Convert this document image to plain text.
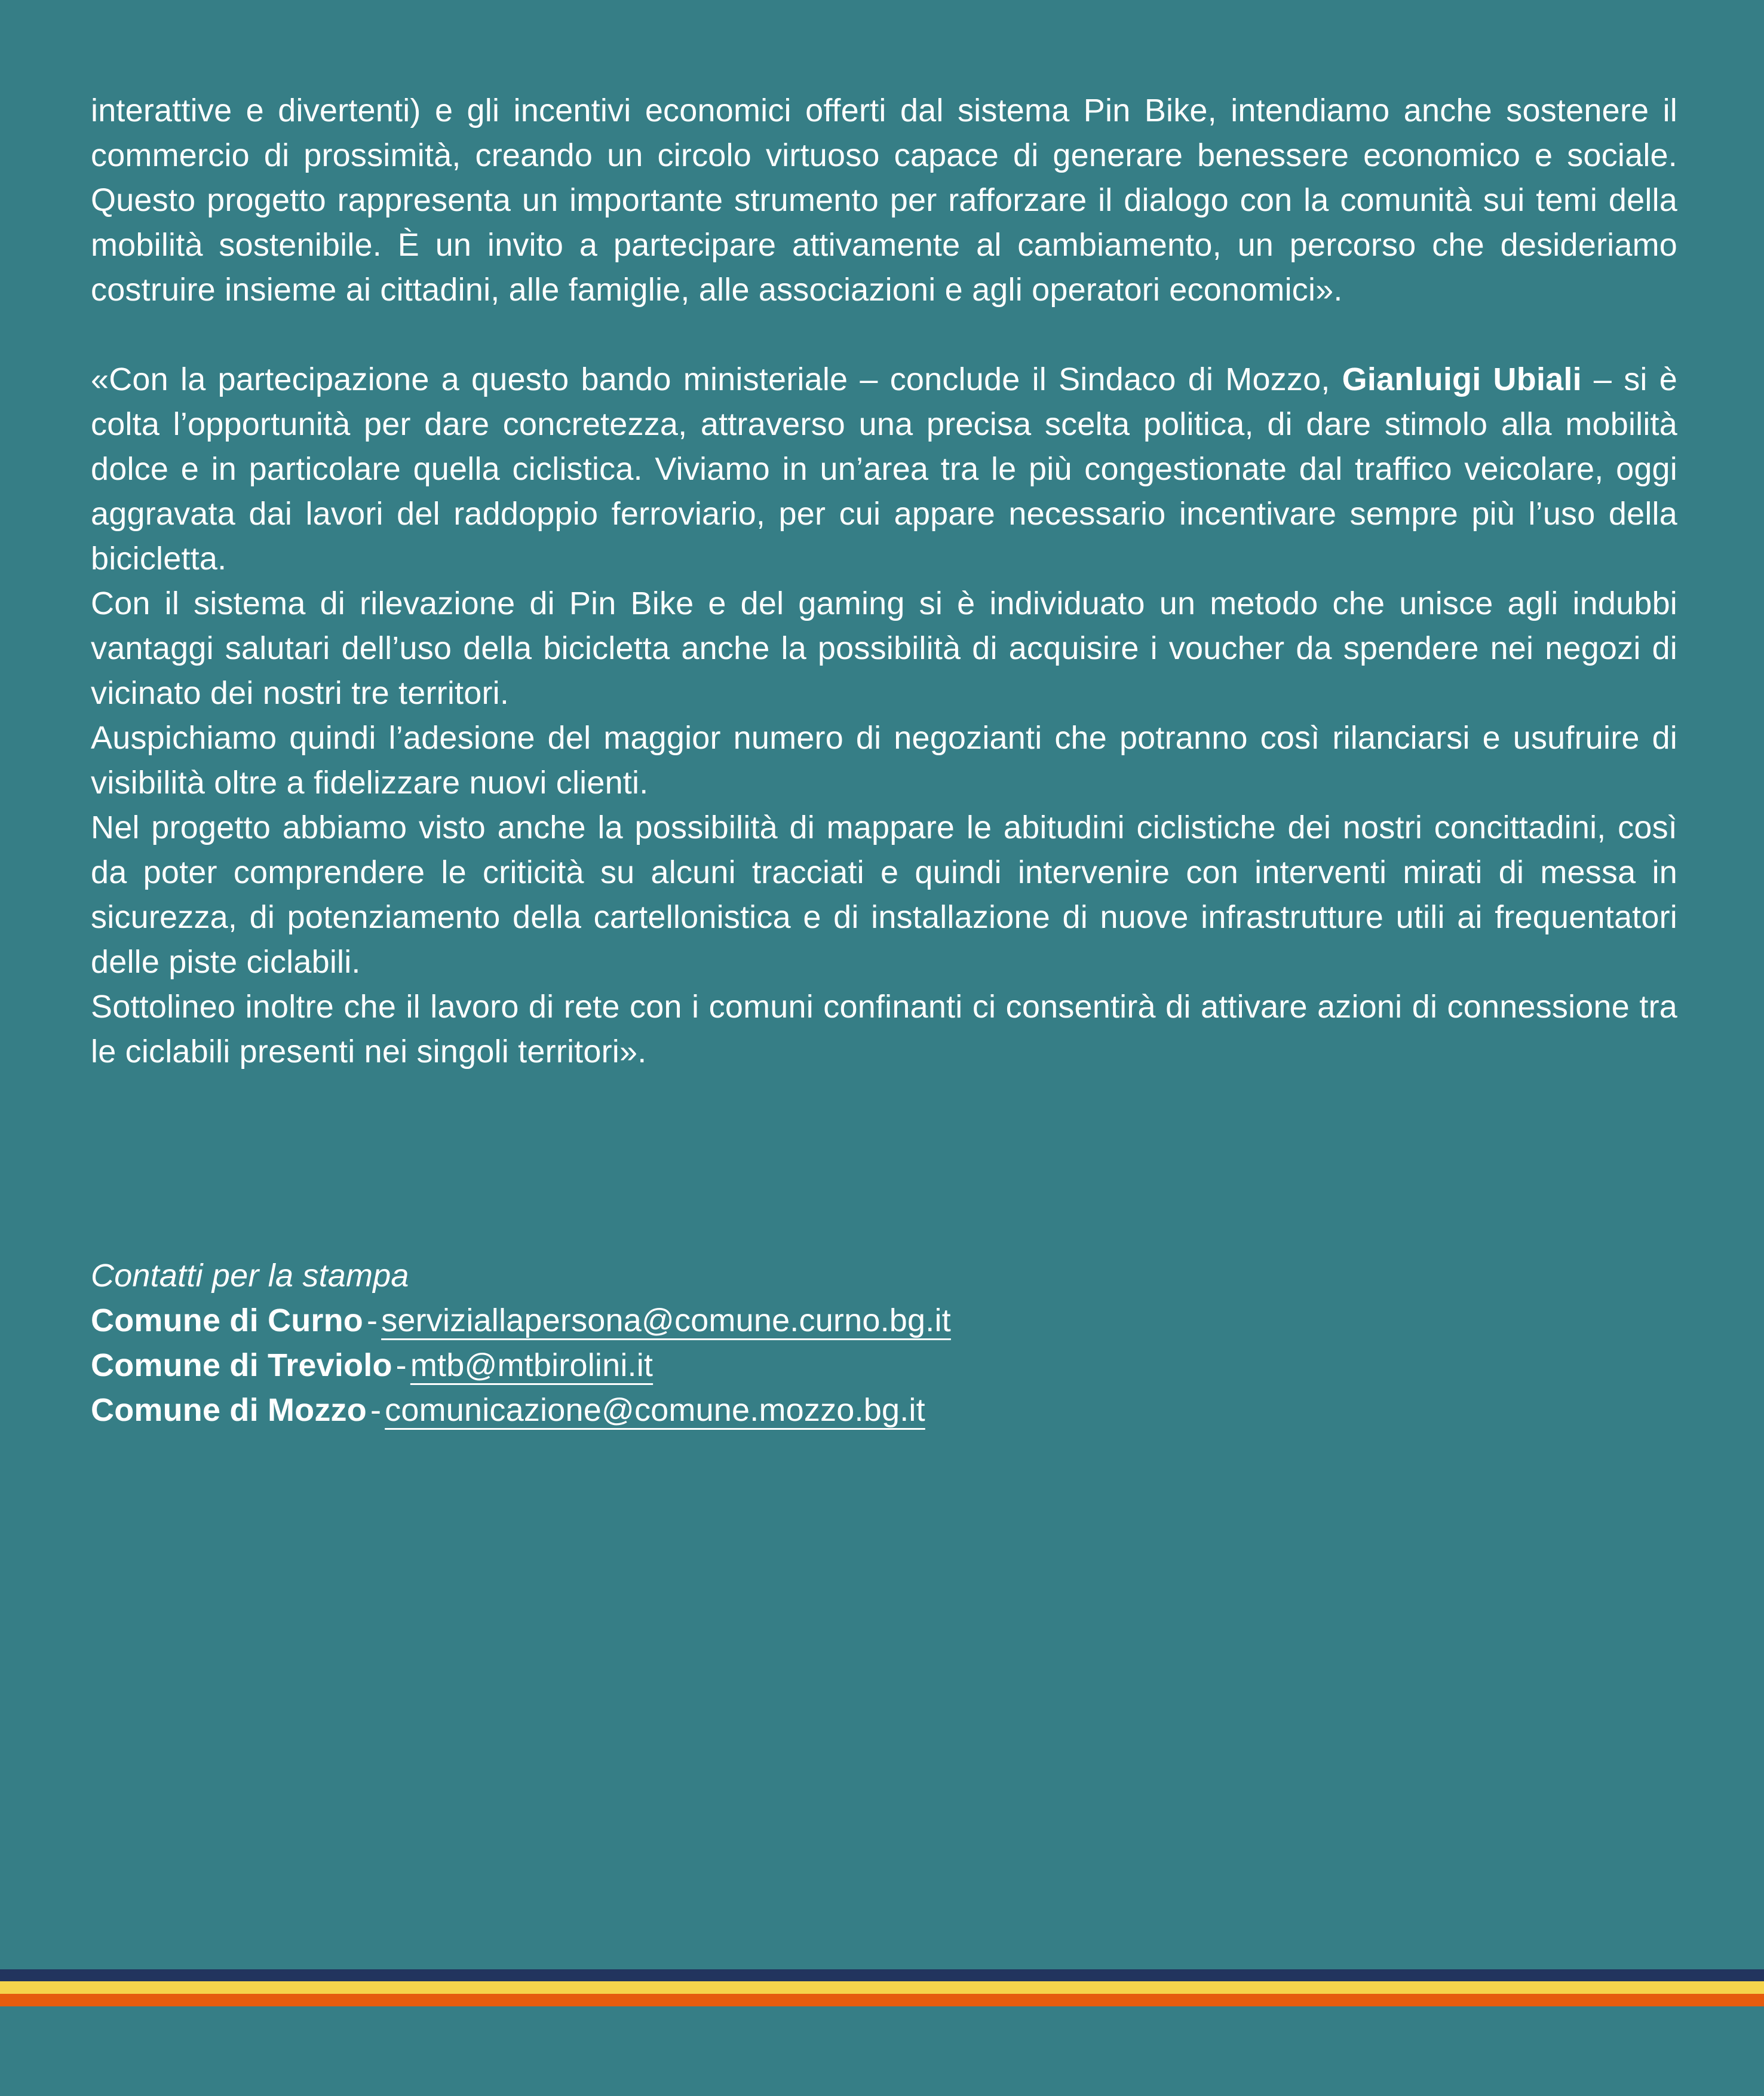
interattive e divertenti) e gli incentivi economici offerti dal sistema Pin Bike, intendiamo anche sostenere il commercio di prossimità, creando un circolo virtuoso capace di generare benessere economico e sociale. Questo progetto rappresenta un importante strumento per rafforzare il dialogo con la comunità sui temi della mobilità sostenibile. È un invito a partecipare attivamente al cambiamento, un percorso che desideriamo costruire insieme ai cittadini, alle famiglie, alle associazioni e agli operatori economici».

«Con la partecipazione a questo bando ministeriale – conclude il Sindaco di Mozzo, Gianluigi Ubiali – si è colta l’opportunità per dare concretezza, attraverso una precisa scelta politica, di dare stimolo alla mobilità dolce e in particolare quella ciclistica. Viviamo in un’area tra le più congestionate dal traffico veicolare, oggi aggravata dai lavori del raddoppio ferroviario, per cui appare necessario incentivare sempre più l’uso della bicicletta.

Con il sistema di rilevazione di Pin Bike e del gaming si è individuato un metodo che unisce agli indubbi vantaggi salutari dell’uso della bicicletta anche la possibilità di acquisire i voucher da spendere nei negozi di vicinato dei nostri tre territori.

Auspichiamo quindi l’adesione del maggior numero di negozianti che potranno così rilanciarsi e usufruire di visibilità oltre a fidelizzare nuovi clienti.

Nel progetto abbiamo visto anche la possibilità di mappare le abitudini ciclistiche dei nostri concittadini, così da poter comprendere le criticità su alcuni tracciati e quindi intervenire con interventi mirati di messa in sicurezza, di potenziamento della cartellonistica e di installazione di nuove infrastrutture utili ai frequentatori delle piste ciclabili.

Sottolineo inoltre che il lavoro di rete con i comuni confinanti ci consentirà di attivare azioni di connessione tra le ciclabili presenti nei singoli territori».

Contatti per la stampa

Comune di Curno - serviziallapersona@comune.curno.bg.it

Comune di Treviolo - mtb@mtbirolini.it

Comune di Mozzo - comunicazione@comune.mozzo.bg.it
